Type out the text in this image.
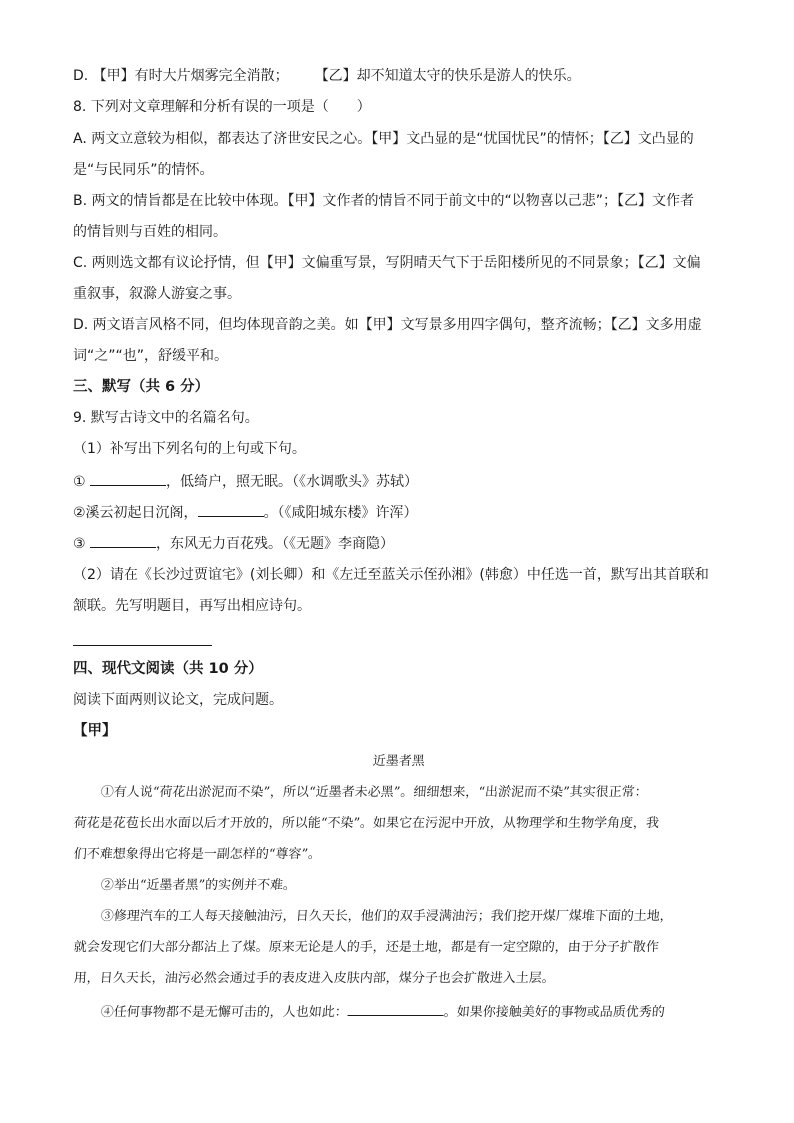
D. 【甲】有时大片烟雾完全消散； 【乙】却不知道太守的快乐是游人的快乐。
8. 下列对文章理解和分析有误的一项是（　　）
A. 两文立意较为相似，都表达了济世安民之心。【甲】文凸显的是“忧国忧民”的情怀；【乙】文凸显的
是“与民同乐”的情怀。
B. 两文的情旨都是在比较中体现。【甲】文作者的情旨不同于前文中的“以物喜以己悲”；【乙】文作者
的情旨则与百姓的相同。
C. 两则选文都有议论抒情，但【甲】文偏重写景，写阴晴天气下于岳阳楼所见的不同景象；【乙】文偏
重叙事，叙滁人游宴之事。
D. 两文语言风格不同，但均体现音韵之美。如【甲】文写景多用四字偶句，整齐流畅；【乙】文多用虚
词“之”“也”，舒缓平和。
三、默写（共 6 分）
9. 默写古诗文中的名篇名句。
（1）补写出下列名句的上句或下句。
①	，低绮户，照无眠。（《水调歌头》苏轼）
②溪云初起日沉阁，	。（《咸阳城东楼》许浑）
③	，东风无力百花残。（《无题》李商隐）
（2）请在《长沙过贾谊宅》(刘长卿）和《左迁至蓝关示侄孙湘》(韩愈）中任选一首，默写出其首联和
颔联。先写明题目，再写出相应诗句。
四、现代文阅读（共 10 分）
阅读下面两则议论文，完成问题。
【甲】
近墨者黑
①有人说“荷花出淤泥而不染”，所以“近墨者未必黑”。细细想来，“出淤泥而不染”其实很正常：
荷花是花苞长出水面以后才开放的，所以能“不染”。如果它在污泥中开放，从物理学和生物学角度，我
们不难想象得出它将是一副怎样的“尊容”。
②举出“近墨者黑”的实例并不难。
③修理汽车的工人每天接触油污，日久天长，他们的双手浸满油污；我们挖开煤厂煤堆下面的土地，
就会发现它们大部分都沾上了煤。原来无论是人的手，还是土地，都是有一定空隙的，由于分子扩散作
用，日久天长，油污必然会通过手的表皮进入皮肤内部，煤分子也会扩散进入土层。
④任何事物都不是无懈可击的，人也如此：	。如果你接触美好的事物或品质优秀的
